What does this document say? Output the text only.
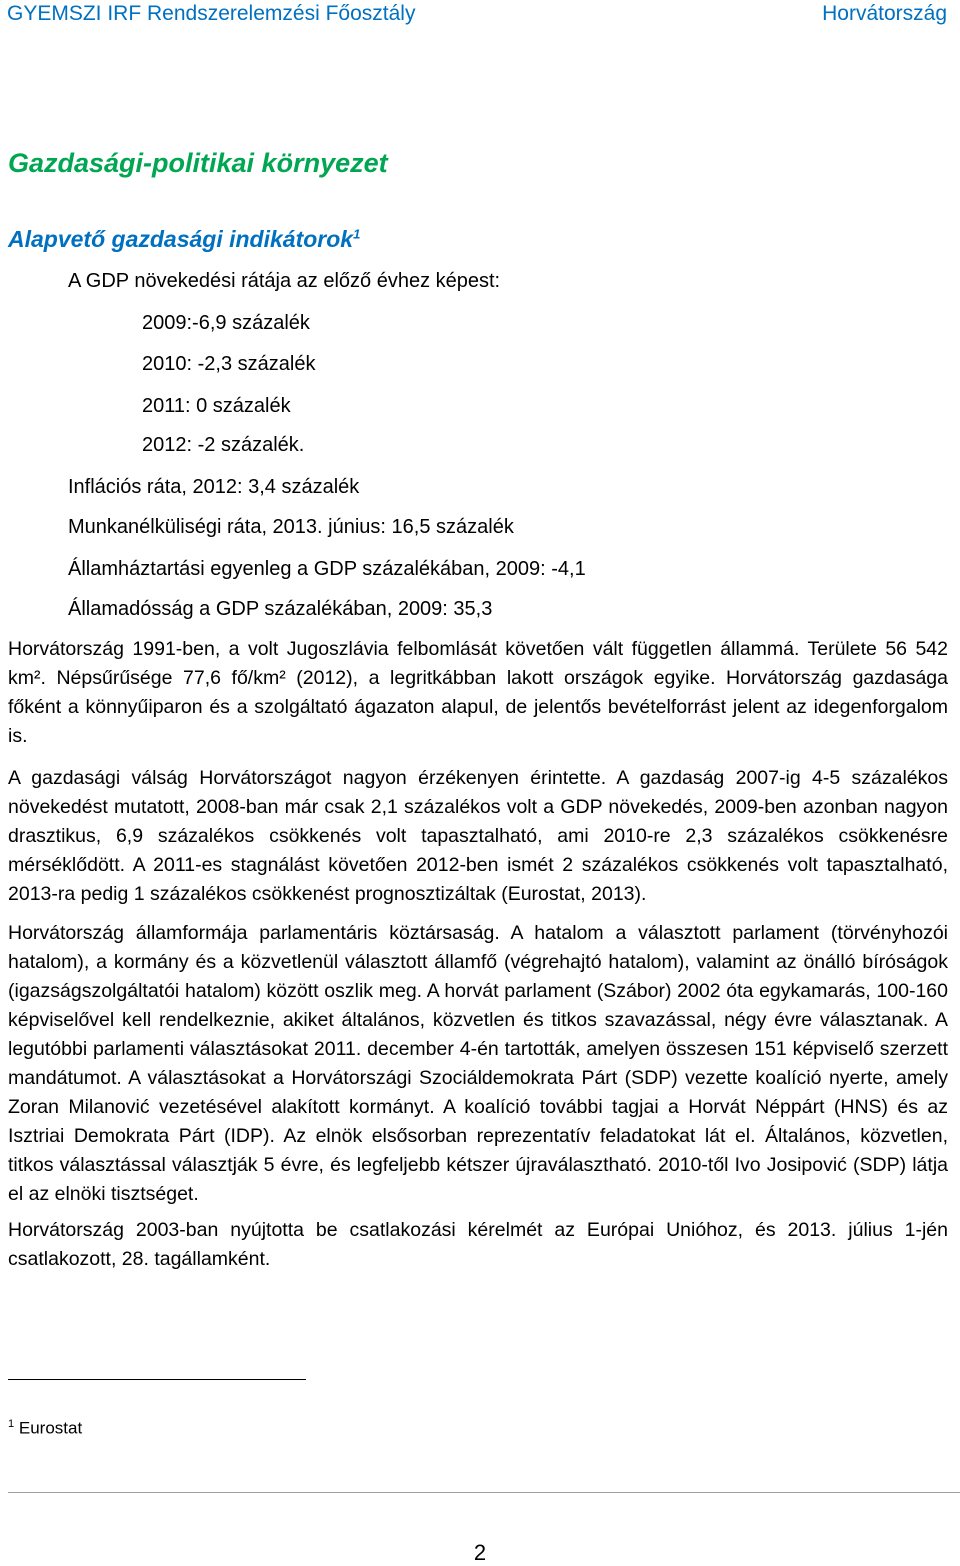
GYEMSZI IRF Rendszerelemzési Főosztály	Horvátország
Gazdasági-politikai környezet
Alapvető gazdasági indikátorok$^1$
A GDP növekedési rátája az előző évhez képest:
2009:-6,9 százalék
2010: -2,3 százalék
2011: 0 százalék
2012: -2 százalék.
Inflációs ráta, 2012: 3,4 százalék
Munkanélküliségi ráta, 2013. június: 16,5 százalék
Államháztartási egyenleg a GDP százalékában, 2009: -4,1
Államadósság a GDP százalékában, 2009: 35,3

Horvátország 1991-ben, a volt Jugoszlávia felbomlását követően vált független állammá. Területe 56 542 km². Népsűrűsége 77,6 fő/km² (2012), a legritkábban lakott országok egyike. Horvátország gazdasága főként a könnyűiparon és a szolgáltató ágazaton alapul, de jelentős bevételforrást jelent az idegenforgalom is.

A gazdasági válság Horvátországot nagyon érzékenyen érintette. A gazdaság 2007-ig 4-5 százalékos növekedést mutatott, 2008-ban már csak 2,1 százalékos volt a GDP növekedés, 2009-ben azonban nagyon drasztikus, 6,9 százalékos csökkenés volt tapasztalható, ami 2010-re 2,3 százalékos csökkenésre mérséklődött. A 2011-es stagnálást követően 2012-ben ismét 2 százalékos csökkenés volt tapasztalható, 2013-ra pedig 1 százalékos csökkenést prognosztizáltak (Eurostat, 2013).

Horvátország államformája parlamentáris köztársaság. A hatalom a választott parlament (törvényhozói hatalom), a kormány és a közvetlenül választott államfő (végrehajtó hatalom), valamint az önálló bíróságok (igazságszolgáltatói hatalom) között oszlik meg. A horvát parlament (Szábor) 2002 óta egykamarás, 100-160 képviselővel kell rendelkeznie, akiket általános, közvetlen és titkos szavazással, négy évre választanak. A legutóbbi parlamenti választásokat 2011. december 4-én tartották, amelyen összesen 151 képviselő szerzett mandátumot. A választásokat a Horvátországi Szociáldemokrata Párt (SDP) vezette koalíció nyerte, amely Zoran Milanović vezetésével alakított kormányt. A koalíció további tagjai a Horvát Néppárt (HNS) és az Isztriai Demokrata Párt (IDP). Az elnök elsősorban reprezentatív feladatokat lát el. Általános, közvetlen, titkos választással választják 5 évre, és legfeljebb kétszer újraválasztható. 2010-től Ivo Josipović (SDP) látja el az elnöki tisztséget.

Horvátország 2003-ban nyújtotta be csatlakozási kérelmét az Európai Unióhoz, és 2013. július 1-jén csatlakozott, 28. tagállamként.

$^1$ Eurostat
2
